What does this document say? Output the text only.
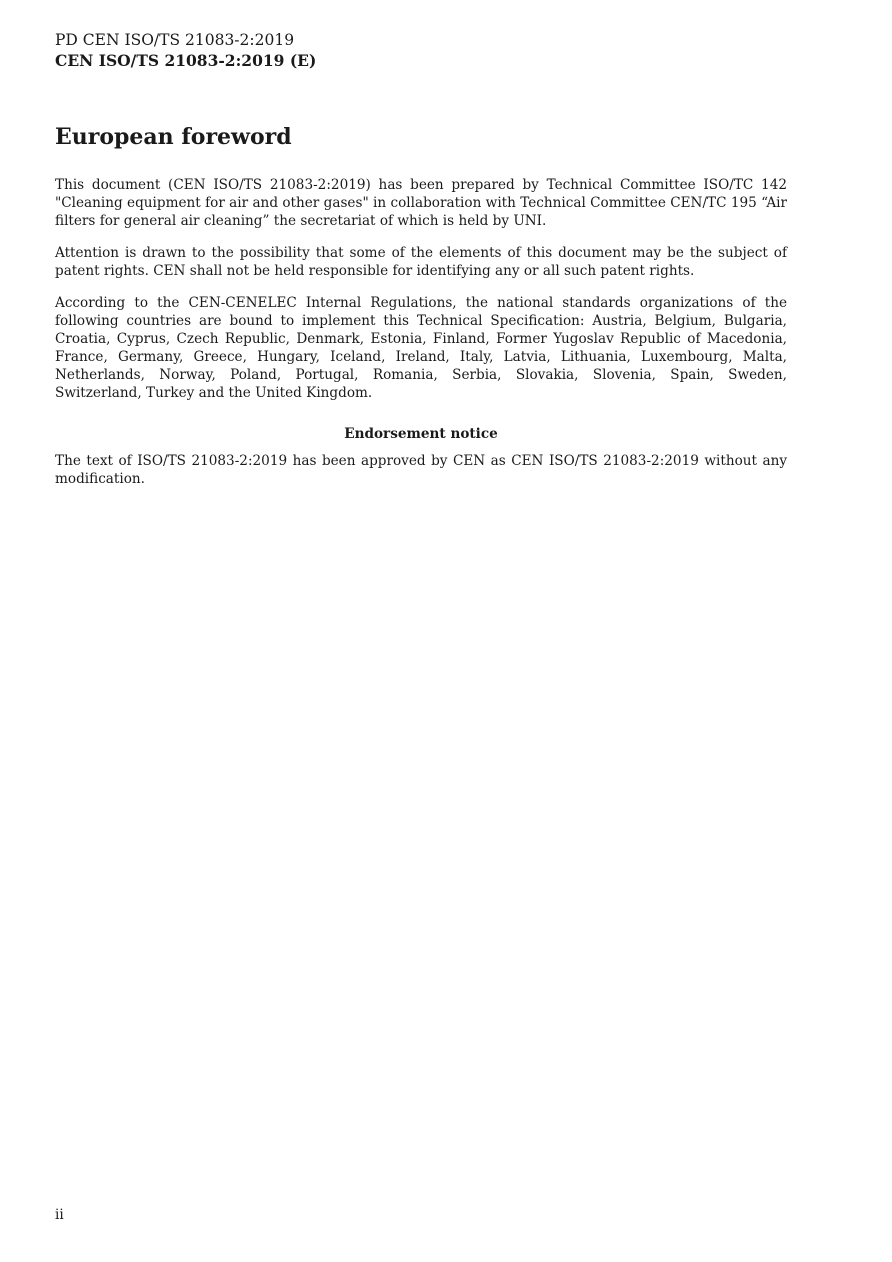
PD CEN ISO/TS 21083-2:2019
CEN ISO/TS 21083-2:2019 (E)
European foreword

This document (CEN ISO/TS 21083-2:2019) has been prepared by Technical Committee ISO/TC 142 "Cleaning equipment for air and other gases" in collaboration with Technical Committee CEN/TC 195 “Air filters for general air cleaning” the secretariat of which is held by UNI.

Attention is drawn to the possibility that some of the elements of this document may be the subject of patent rights. CEN shall not be held responsible for identifying any or all such patent rights.

According to the CEN-CENELEC Internal Regulations, the national standards organizations of the following countries are bound to implement this Technical Specification: Austria, Belgium, Bulgaria, Croatia, Cyprus, Czech Republic, Denmark, Estonia, Finland, Former Yugoslav Republic of Macedonia, France, Germany, Greece, Hungary, Iceland, Ireland, Italy, Latvia, Lithuania, Luxembourg, Malta, Netherlands, Norway, Poland, Portugal, Romania, Serbia, Slovakia, Slovenia, Spain, Sweden, Switzerland, Turkey and the United Kingdom.

Endorsement notice

The text of ISO/TS 21083-2:2019 has been approved by CEN as CEN ISO/TS 21083-2:2019 without any modification.

ii
